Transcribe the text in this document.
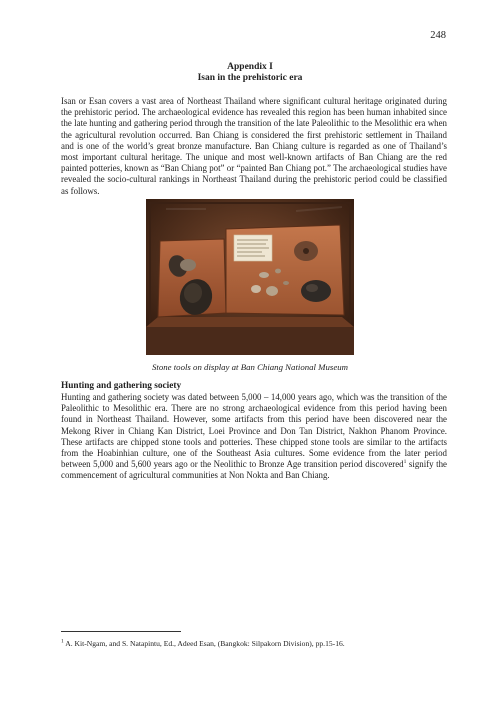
248
Appendix I
Isan in the prehistoric era

Isan or Esan covers a vast area of Northeast Thailand where significant cultural heritage originated during the prehistoric period. The archaeological evidence has revealed this region has been human inhabited since the late hunting and gathering period through the transition of the late Paleolithic to the Mesolithic era when the agricultural revolution occurred. Ban Chiang is considered the first prehistoric settlement in Thailand and is one of the world’s great bronze manufacture. Ban Chiang culture is regarded as one of Thailand’s most important cultural heritage. The unique and most well-known artifacts of Ban Chiang are the red painted potteries, known as “Ban Chiang pot” or “painted Ban Chiang pot.” The archaeological studies have revealed the socio-cultural rankings in Northeast Thailand during the prehistoric period could be classified as follows.

Stone tools on display at Ban Chiang National Museum
Hunting and gathering society

Hunting and gathering society was dated between 5,000 – 14,000 years ago, which was the transition of the Paleolithic to Mesolithic era. There are no strong archaeological evidence from this period having been found in Northeast Thailand. However, some artifacts from this period have been discovered near the Mekong River in Chiang Kan District, Loei Province and Don Tan District, Nakhon Phanom Province. These artifacts are chipped stone tools and potteries. These chipped stone tools are similar to the artifacts from the Hoabinhian culture, one of the Southeast Asia cultures. Some evidence from the later period between 5,000 and 5,600 years ago or the Neolithic to Bronze Age transition period discovered$^1$ signify the commencement of agricultural communities at Non Nokta and Ban Chiang.

$^1$ A. Kit-Ngam, and S. Natapintu, Ed., Adeed Esan, (Bangkok: Silpakorn Division), pp.15-16.
